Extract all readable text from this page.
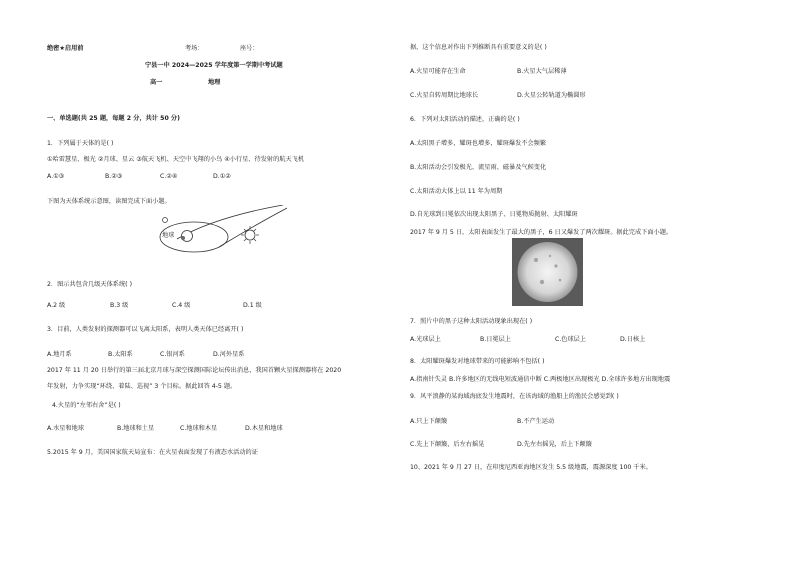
绝密★启用前	考场：	座号：
宁县一中 2024—2025 学年度第一学期中考试题
高一	地理
一、单选题(共 25 题，每题 2 分，共计 50 分)
1．下列属于天体的是( )
①哈雷慧星、极光 ②月球、星云 ③航天飞机、天空中飞翔的小鸟 ④小行星、待发射的航天飞机
A.①③	B.②③	C.②④	D.①②
下图为天体系统示意图，读图完成下面小题。
地球
2．图示共包含几级天体系统( )
A.2 级	B.3 级	C.4 级	D.1 级
3．目前，人类发射的探测器可以飞离太阳系，表明人类天体已经离开( )
A.地月系	B.太阳系	C.银河系	D.河外星系
2017 年 11 月 20 日举行的第三届北京月球与深空探测国际论坛传出消息，我国首颗火星探测器将在 2020
年发射，力争实现“环绕、着陆、巡视” 3 个目标。据此回答 4-5 题。
4.火星的“左邻右舍”是( )
A.水星和地球	B.地球和土星	C.地球和木星	D.木星和地球
5.2015 年 9 月，美国国家航天局宣布：在火星表面发现了有液态水活动的证
据，这个信息对作出下列推断具有重要意义的是( )
A.火星可能存在生命	B.火星大气层稀薄
C.火星自转周期比地球长	D.火星公转轨道为椭圆形
6．下列对太阳活动的描述，正确的是( )
A.太阳黑子增多，耀斑也增多，耀斑爆发不会频繁
B.太阳活动会引发极光、流星雨、磁暴及气候变化
C.太阳活动大体上以 11 年为周期
D.自光球到日冕依次出现太阳黑子、日冕物质抛射、太阳耀斑
2017 年 9 月 5 日，太阳表面发生了最大的黑子，6 日又爆发了两次耀斑。据此完成下面小题。
7．照片中的黑子这种太阳活动现象出现在( )
A.光球层上	B.日冕层上	C.色球层上	D.日核上
8．太阳耀斑爆发对地球带来的可能影响不包括( )
A.指南针失灵 B.许多地区的无线电短波通信中断 C.两极地区出现极光 D.全球许多地方出现地震
9．风平浪静的某海域海底发生地震时，在该海域的渔船上的渔民会感觉到( )
A.只上下颠簸	B.不产生运动
C.先上下颠簸，后左右摇晃	D.先左右摇晃，后上下颠簸
10、2021 年 9 月 27 日，在印度尼西亚海地区发生 5.5 级地震，震源深度 100 千米。
